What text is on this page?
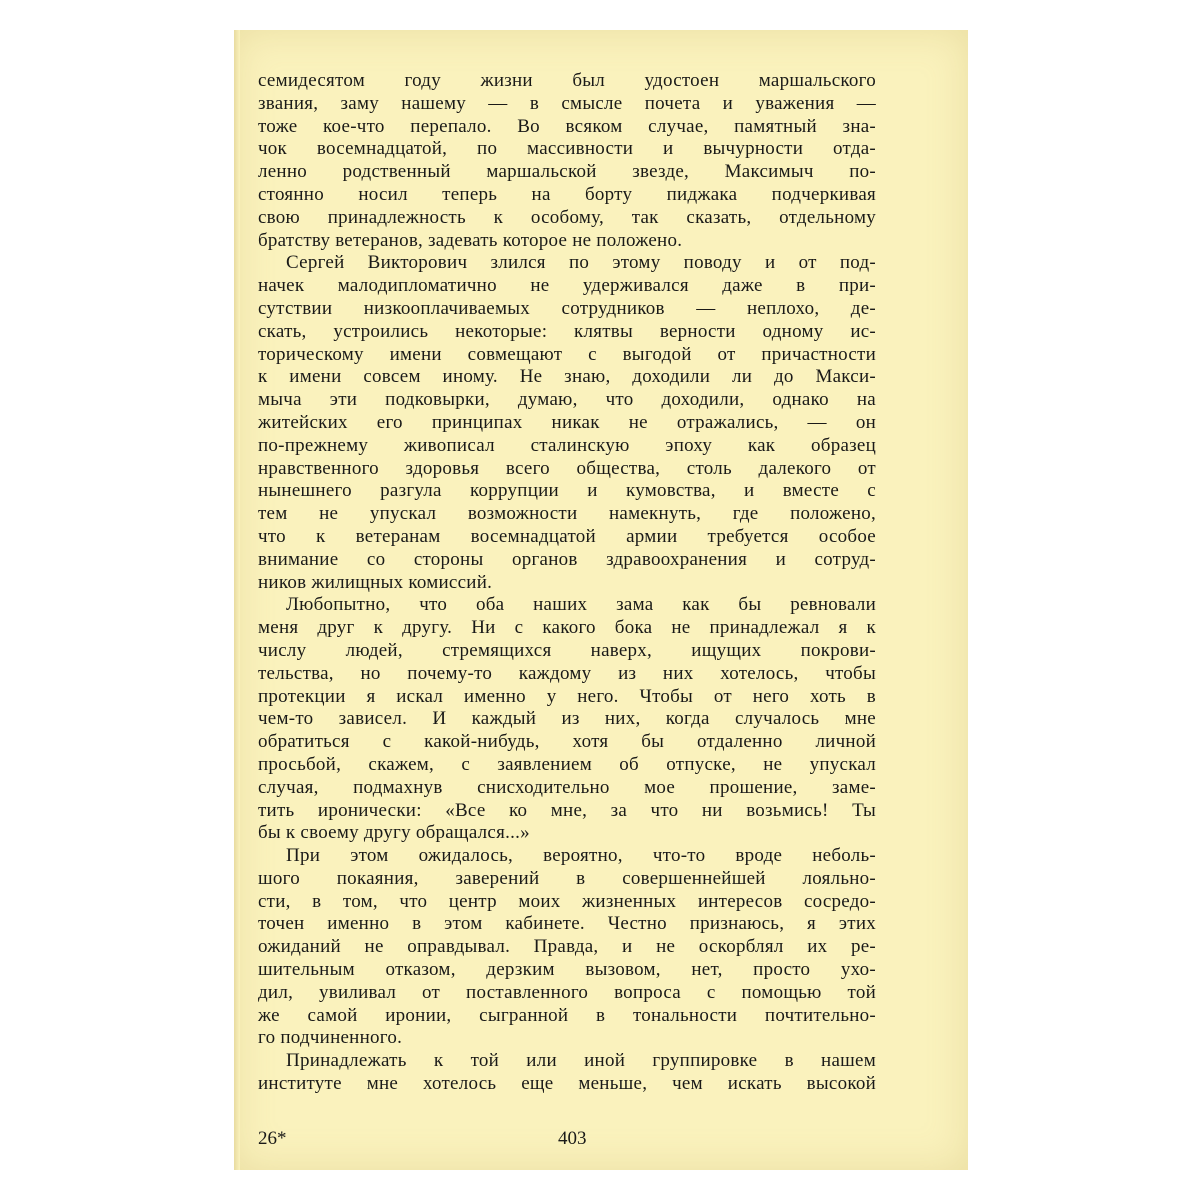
семидесятом году жизни был удостоен маршальского
звания, заму нашему — в смысле почета и уважения —
тоже кое-что перепало. Во всяком случае, памятный зна-
чок восемнадцатой, по массивности и вычурности отда-
ленно родственный маршальской звезде, Максимыч по-
стоянно носил теперь на борту пиджака подчеркивая
свою принадлежность к особому, так сказать, отдельному
братству ветеранов, задевать которое не положено.
Сергей Викторович злился по этому поводу и от под-
начек малодипломатично не удерживался даже в при-
сутствии низкооплачиваемых сотрудников — неплохо, де-
скать, устроились некоторые: клятвы верности одному ис-
торическому имени совмещают с выгодой от причастности
к имени совсем иному. Не знаю, доходили ли до Макси-
мыча эти подковырки, думаю, что доходили, однако на
житейских его принципах никак не отражались, — он
по-прежнему живописал сталинскую эпоху как образец
нравственного здоровья всего общества, столь далекого от
нынешнего разгула коррупции и кумовства, и вместе с
тем не упускал возможности намекнуть, где положено,
что к ветеранам восемнадцатой армии требуется особое
внимание со стороны органов здравоохранения и сотруд-
ников жилищных комиссий.
Любопытно, что оба наших зама как бы ревновали
меня друг к другу. Ни с какого бока не принадлежал я к
числу людей, стремящихся наверх, ищущих покрови-
тельства, но почему-то каждому из них хотелось, чтобы
протекции я искал именно у него. Чтобы от него хоть в
чем-то зависел. И каждый из них, когда случалось мне
обратиться с какой-нибудь, хотя бы отдаленно личной
просьбой, скажем, с заявлением об отпуске, не упускал
случая, подмахнув снисходительно мое прошение, заме-
тить иронически: «Все ко мне, за что ни возьмись! Ты
бы к своему другу обращался...»
При этом ожидалось, вероятно, что-то вроде неболь-
шого покаяния, заверений в совершеннейшей лояльно-
сти, в том, что центр моих жизненных интересов сосредо-
точен именно в этом кабинете. Честно признаюсь, я этих
ожиданий не оправдывал. Правда, и не оскорблял их ре-
шительным отказом, дерзким вызовом, нет, просто ухо-
дил, увиливал от поставленного вопроса с помощью той
же самой иронии, сыгранной в тональности почтительно-
го подчиненного.
Принадлежать к той или иной группировке в нашем
институте мне хотелось еще меньше, чем искать высокой
26*	403
